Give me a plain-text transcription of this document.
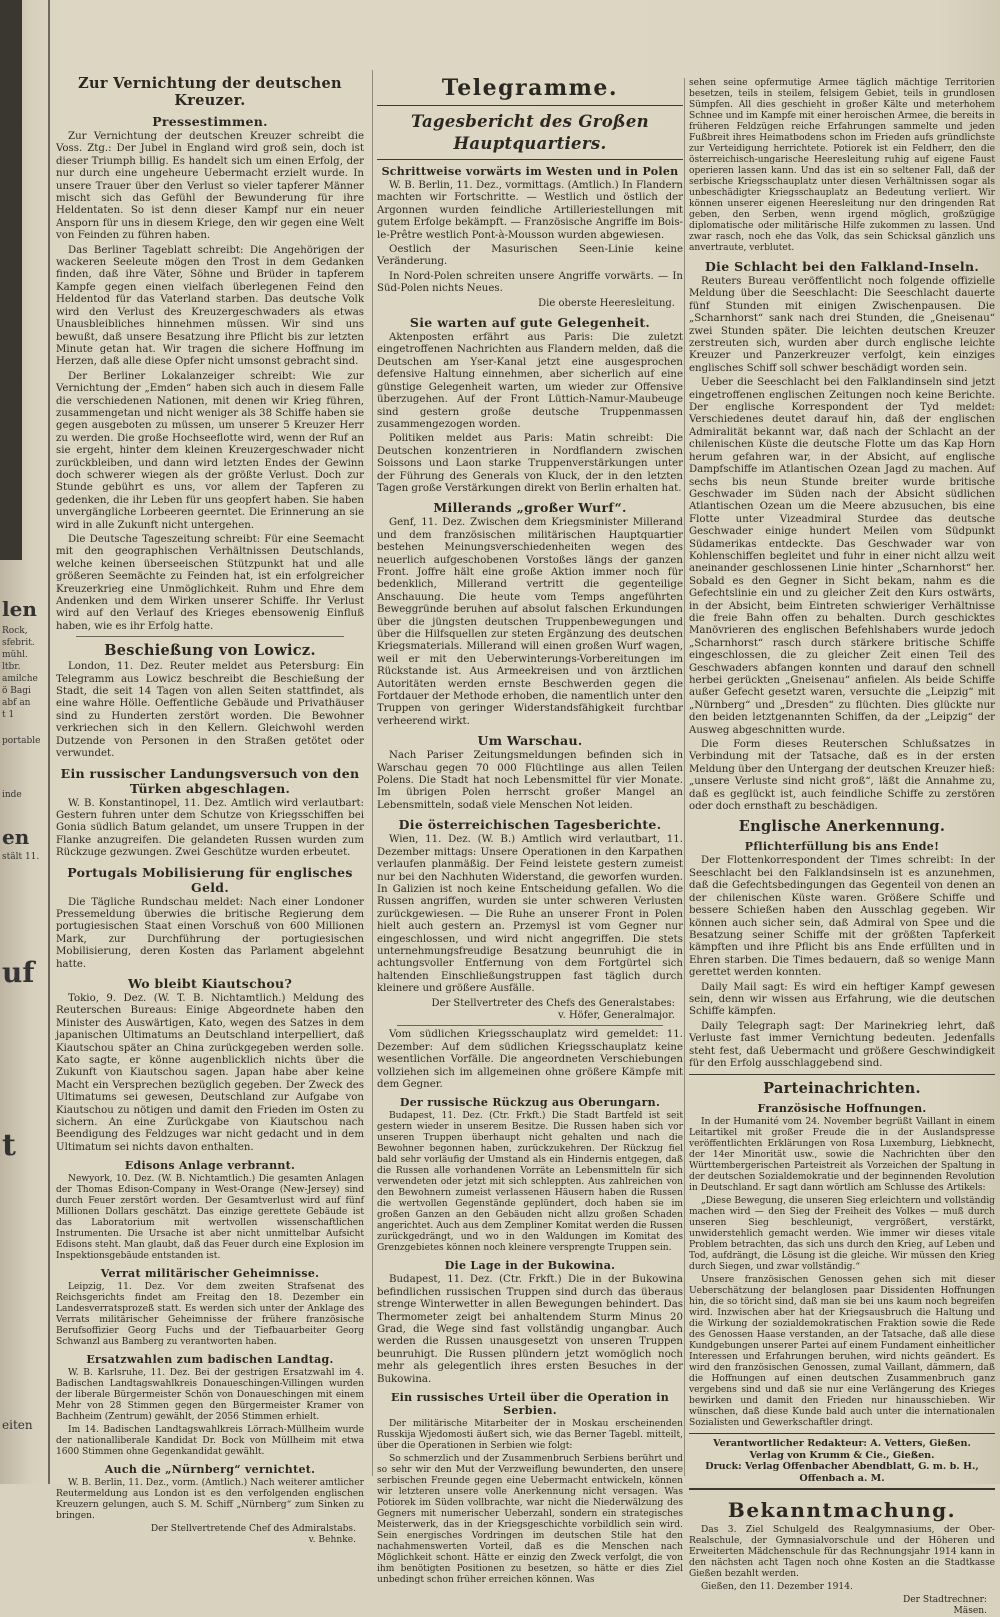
len
Rock,
sfebrit.
mühl.
ltbr.
amilche
ö Bagi
abf an
t 1
portable
inde
en
stält 11.
uf
t
eiten
Zur Vernichtung der deutschen Kreuzer.
Pressestimmen.

Zur Vernichtung der deutschen Kreuzer schreibt die Voss. Ztg.: Der Jubel in England wird groß sein, doch ist dieser Triumph billig. Es handelt sich um einen Erfolg, der nur durch eine ungeheure Uebermacht erzielt wurde. In unsere Trauer über den Verlust so vieler tapferer Männer mischt sich das Gefühl der Bewunderung für ihre Heldentaten. So ist denn dieser Kampf nur ein neuer Ansporn für uns in diesem Kriege, den wir gegen eine Welt von Feinden zu führen haben.

Das Berliner Tageblatt schreibt: Die Angehörigen der wackeren Seeleute mögen den Trost in dem Gedanken finden, daß ihre Väter, Söhne und Brüder in tapferem Kampfe gegen einen vielfach überlegenen Feind den Heldentod für das Vaterland starben. Das deutsche Volk wird den Verlust des Kreuzergeschwaders als etwas Unausbleibliches hinnehmen müssen. Wir sind uns bewußt, daß unsere Besatzung ihre Pflicht bis zur letzten Minute getan hat. Wir tragen die sichere Hoffnung im Herzen, daß alle diese Opfer nicht umsonst gebracht sind.

Der Berliner Lokalanzeiger schreibt: Wie zur Vernichtung der „Emden“ haben sich auch in diesem Falle die verschiedenen Nationen, mit denen wir Krieg führen, zusammengetan und nicht weniger als 38 Schiffe haben sie gegen ausgeboten zu müssen, um unserer 5 Kreuzer Herr zu werden. Die große Hochseeflotte wird, wenn der Ruf an sie ergeht, hinter dem kleinen Kreuzergeschwader nicht zurückbleiben, und dann wird letzten Endes der Gewinn doch schwerer wiegen als der größte Verlust. Doch zur Stunde gebührt es uns, vor allem der Tapferen zu gedenken, die ihr Leben für uns geopfert haben. Sie haben unvergängliche Lorbeeren geerntet. Die Erinnerung an sie wird in alle Zukunft nicht untergehen.

Die Deutsche Tageszeitung schreibt: Für eine Seemacht mit den geographischen Verhältnissen Deutschlands, welche keinen überseeischen Stützpunkt hat und alle größeren Seemächte zu Feinden hat, ist ein erfolgreicher Kreuzerkrieg eine Unmöglichkeit. Ruhm und Ehre dem Andenken und dem Wirken unserer Schiffe. Ihr Verlust wird auf den Verlauf des Krieges ebensowenig Einfluß haben, wie es ihr Erfolg hatte.

Beschießung von Lowicz.

London, 11. Dez. Reuter meldet aus Petersburg: Ein Telegramm aus Lowicz beschreibt die Beschießung der Stadt, die seit 14 Tagen von allen Seiten stattfindet, als eine wahre Hölle. Oeffentliche Gebäude und Privathäuser sind zu Hunderten zerstört worden. Die Bewohner verkriechen sich in den Kellern. Gleichwohl werden Dutzende von Personen in den Straßen getötet oder verwundet.

Ein russischer Landungsversuch von den Türken abgeschlagen.

W. B. Konstantinopel, 11. Dez. Amtlich wird verlautbart: Gestern fuhren unter dem Schutze von Kriegsschiffen bei Gonia südlich Batum gelandet, um unsere Truppen in der Flanke anzugreifen. Die gelandeten Russen wurden zum Rückzuge gezwungen. Zwei Geschütze wurden erbeutet.

Portugals Mobilisierung für englisches Geld.

Die Tägliche Rundschau meldet: Nach einer Londoner Pressemeldung überwies die britische Regierung dem portugiesischen Staat einen Vorschuß von 600 Millionen Mark, zur Durchführung der portugiesischen Mobilisierung, deren Kosten das Parlament abgelehnt hatte.

Wo bleibt Kiautschou?

Tokio, 9. Dez. (W. T. B. Nichtamtlich.) Meldung des Reuterschen Bureaus: Einige Abgeordnete haben den Minister des Auswärtigen, Kato, wegen des Satzes in dem japanischen Ultimatums an Deutschland interpelliert, daß Kiautschou später an China zurückgegeben werden solle. Kato sagte, er könne augenblicklich nichts über die Zukunft von Kiautschou sagen. Japan habe aber keine Macht ein Versprechen bezüglich gegeben. Der Zweck des Ultimatums sei gewesen, Deutschland zur Aufgabe von Kiautschou zu nötigen und damit den Frieden im Osten zu sichern. An eine Zurückgabe von Kiautschou nach Beendigung des Feldzuges war nicht gedacht und in dem Ultimatum sei nichts davon enthalten.

Edisons Anlage verbrannt.

Newyork, 10. Dez. (W. B. Nichtamtlich.) Die gesamten Anlagen der Thomas Edison-Company in West-Orange (New-Jersey) sind durch Feuer zerstört worden. Der Gesamtverlust wird auf fünf Millionen Dollars geschätzt. Das einzige gerettete Gebäude ist das Laboratorium mit wertvollen wissenschaftlichen Instrumenten. Die Ursache ist aber nicht unmittelbar Aufsicht Edisons steht. Man glaubt, daß das Feuer durch eine Explosion im Inspektionsgebäude entstanden ist.

Verrat militärischer Geheimnisse.

Leipzig, 11. Dez. Vor dem zweiten Strafsenat des Reichsgerichts findet am Freitag den 18. Dezember ein Landesverratsprozeß statt. Es werden sich unter der Anklage des Verrats militärischer Geheimnisse der frühere französische Berufsoffizier Georg Fuchs und der Tiefbauarbeiter Georg Schwanzl aus Bamberg zu verantworten haben.

Ersatzwahlen zum badischen Landtag.

W. B. Karlsruhe, 11. Dez. Bei der gestrigen Ersatzwahl im 4. Badischen Landtagswahlkreis Donaueschingen-Villingen wurden der liberale Bürgermeister Schön von Donaueschingen mit einem Mehr von 28 Stimmen gegen den Bürgermeister Kramer von Bachheim (Zentrum) gewählt, der 2056 Stimmen erhielt.

Im 14. Badischen Landtagswahlkreis Lörrach-Müllheim wurde der nationalliberale Kandidat Dr. Bock von Müllheim mit etwa 1600 Stimmen ohne Gegenkandidat gewählt.

Auch die „Nürnberg“ vernichtet.

W. B. Berlin, 11. Dez., vorm. (Amtlich.) Nach weiterer amtlicher Reutermeldung aus London ist es den verfolgenden englischen Kreuzern gelungen, auch S. M. Schiff „Nürnberg“ zum Sinken zu bringen.

Der Stellvertretende Chef des Admiralstabs.
v. Behnke.
Telegramme.
Tagesbericht des Großen Hauptquartiers.
Schrittweise vorwärts im Westen und in Polen

W. B. Berlin, 11. Dez., vormittags. (Amtlich.) In Flandern machten wir Fortschritte. — Westlich und östlich der Argonnen wurden feindliche Artilleriestellungen mit gutem Erfolge bekämpft. — Französische Angriffe im Bois-le-Prêtre westlich Pont-à-Mousson wurden abgewiesen.

Oestlich der Masurischen Seen-Linie keine Veränderung.

In Nord-Polen schreiten unsere Angriffe vorwärts. — In Süd-Polen nichts Neues.

Die oberste Heeresleitung.
Sie warten auf gute Gelegenheit.

Aktenposten erfährt aus Paris: Die zuletzt eingetroffenen Nachrichten aus Flandern melden, daß die Deutschen am Yser-Kanal jetzt eine ausgesprochen defensive Haltung einnehmen, aber sicherlich auf eine günstige Gelegenheit warten, um wieder zur Offensive überzugehen. Auf der Front Lüttich-Namur-Maubeuge sind gestern große deutsche Truppenmassen zusammengezogen worden.

Politiken meldet aus Paris: Matin schreibt: Die Deutschen konzentrieren in Nordflandern zwischen Soissons und Laon starke Truppenverstärkungen unter der Führung des Generals von Kluck, der in den letzten Tagen große Verstärkungen direkt von Berlin erhalten hat.

Millerands „großer Wurf“.

Genf, 11. Dez. Zwischen dem Kriegsminister Millerand und dem französischen militärischen Hauptquartier bestehen Meinungsverschiedenheiten wegen des neuerlich aufgeschobenen Vorstoßes längs der ganzen Front. Joffre hält eine große Aktion immer noch für bedenklich, Millerand vertritt die gegenteilige Anschauung. Die heute vom Temps angeführten Beweggründe beruhen auf absolut falschen Erkundungen über die jüngsten deutschen Truppenbewegungen und über die Hilfsquellen zur steten Ergänzung des deutschen Kriegsmaterials. Millerand will einen großen Wurf wagen, weil er mit den Ueberwinterungs-Vorbereitungen im Rückstande ist. Aus Armeekreisen und von ärztlichen Autoritäten werden ernste Beschwerden gegen die Fortdauer der Methode erhoben, die namentlich unter den Truppen von geringer Widerstandsfähigkeit furchtbar verheerend wirkt.

Um Warschau.

Nach Pariser Zeitungsmeldungen befinden sich in Warschau gegen 70 000 Flüchtlinge aus allen Teilen Polens. Die Stadt hat noch Lebensmittel für vier Monate. Im übrigen Polen herrscht großer Mangel an Lebensmitteln, sodaß viele Menschen Not leiden.

Die österreichischen Tagesberichte.

Wien, 11. Dez. (W. B.) Amtlich wird verlautbart, 11. Dezember mittags: Unsere Operationen in den Karpathen verlaufen planmäßig. Der Feind leistete gestern zumeist nur bei den Nachhuten Widerstand, die geworfen wurden. In Galizien ist noch keine Entscheidung gefallen. Wo die Russen angriffen, wurden sie unter schweren Verlusten zurückgewiesen. — Die Ruhe an unserer Front in Polen hielt auch gestern an. Przemysl ist vom Gegner nur eingeschlossen, und wird nicht angegriffen. Die stets unternehmungsfreudige Besatzung beunruhigt die in achtungsvoller Entfernung von dem Fortgürtel sich haltenden Einschließungstruppen fast täglich durch kleinere und größere Ausfälle.

Der Stellvertreter des Chefs des Generalstabes:
v. Höfer, Generalmajor.

Vom südlichen Kriegsschauplatz wird gemeldet: 11. Dezember: Auf dem südlichen Kriegsschauplatz keine wesentlichen Vorfälle. Die angeordneten Verschiebungen vollziehen sich im allgemeinen ohne größere Kämpfe mit dem Gegner.

Der russische Rückzug aus Oberungarn.

Budapest, 11. Dez. (Ctr. Frkft.) Die Stadt Bartfeld ist seit gestern wieder in unserem Besitze. Die Russen haben sich vor unseren Truppen überhaupt nicht gehalten und nach die Bewohner begonnen haben, zurückzukehren. Der Rückzug fiel bald sehr vorläufig der Umstand als ein Hindernis entgegen, daß die Russen alle vorhandenen Vorräte an Lebensmitteln für sich verwendeten oder jetzt mit sich schleppten. Aus zahlreichen von den Bewohnern zumeist verlassenen Häusern haben die Russen die wertvollen Gegenstände geplündert, doch haben sie im großen Ganzen an den Gebäuden nicht allzu großen Schaden angerichtet. Auch aus dem Zempliner Komitat werden die Russen zurückgedrängt, und wo in den Waldungen im Komitat des Grenzgebietes können noch kleinere versprengte Truppen sein.

Die Lage in der Bukowina.

Budapest, 11. Dez. (Ctr. Frkft.) Die in der Bukowina befindlichen russischen Truppen sind durch das überaus strenge Winterwetter in allen Bewegungen behindert. Das Thermometer zeigt bei anhaltendem Sturm Minus 20 Grad, die Wege sind fast vollständig ungangbar. Auch werden die Russen unausgesetzt von unseren Truppen beunruhigt. Die Russen plündern jetzt womöglich noch mehr als gelegentlich ihres ersten Besuches in der Bukowina.

Ein russisches Urteil über die Operation in Serbien.

Der militärische Mitarbeiter der in Moskau erscheinenden Russkija Wjedomosti äußert sich, wie das Berner Tagebl. mitteilt, über die Operationen in Serbien wie folgt:

So schmerzlich und der Zusammenbruch Serbiens berührt und so sehr wir den Mut der Verzweiflung bewunderten, den unsere serbischen Freunde gegen eine Uebermacht entwickeln, können wir letzteren unsere volle Anerkennung nicht versagen. Was Potiorek im Süden vollbrachte, war nicht die Niederwälzung des Gegners mit numerischer Ueberzahl, sondern ein strategisches Meisterwerk, das in der Kriegsgeschichte vorbildlich sein wird. Sein energisches Vordringen im deutschen Stile hat den nachahmenswerten Vorteil, daß es die Menschen nach Möglichkeit schont. Hätte er einzig den Zweck verfolgt, die von ihm benötigten Positionen zu besetzen, so hätte er dies Ziel unbedingt schon früher erreichen können. Was

sehen seine opfermutige Armee täglich mächtige Territorien besetzen, teils in steilem, felsigem Gebiet, teils in grundlosen Sümpfen. All dies geschieht in großer Kälte und meterhohem Schnee und im Kampfe mit einer heroischen Armee, die bereits in früheren Feldzügen reiche Erfahrungen sammelte und jeden Fußbreit ihres Heimatbodens schon im Frieden aufs gründlichste zur Verteidigung herrichtete. Potiorek ist ein Feldherr, den die österreichisch-ungarische Heeresleitung ruhig auf eigene Faust operieren lassen kann. Und das ist ein so seltener Fall, daß der serbische Kriegsschauplatz unter diesen Verhältnissen sogar als unbeschädigter Kriegsschauplatz an Bedeutung verliert. Wir können unserer eigenen Heeresleitung nur den dringenden Rat geben, den Serben, wenn irgend möglich, großzügige diplomatische oder militärische Hilfe zukommen zu lassen. Und zwar rasch, noch ehe das Volk, das sein Schicksal gänzlich uns anvertraute, verblutet.

Die Schlacht bei den Falkland-Inseln.

Reuters Bureau veröffentlicht noch folgende offizielle Meldung über die Seeschlacht: Die Seeschlacht dauerte fünf Stunden mit einigen Zwischenpausen. Die „Scharnhorst“ sank nach drei Stunden, die „Gneisenau“ zwei Stunden später. Die leichten deutschen Kreuzer zerstreuten sich, wurden aber durch englische leichte Kreuzer und Panzerkreuzer verfolgt, kein einziges englisches Schiff soll schwer beschädigt worden sein.

Ueber die Seeschlacht bei den Falklandinseln sind jetzt eingetroffenen englischen Zeitungen noch keine Berichte. Der englische Korrespondent der Tyd meldet: Verschiedenes deutet darauf hin, daß der englischen Admiralität bekannt war, daß nach der Schlacht an der chilenischen Küste die deutsche Flotte um das Kap Horn herum gefahren war, in der Absicht, auf englische Dampfschiffe im Atlantischen Ozean Jagd zu machen. Auf sechs bis neun Stunde breiter wurde britische Geschwader im Süden nach der Absicht südlichen Atlantischen Ozean um die Meere abzusuchen, bis eine Flotte unter Vizeadmiral Sturdee das deutsche Geschwader einige hundert Meilen vom Südpunkt Südamerikas entdeckte. Das Geschwader war von Kohlenschiffen begleitet und fuhr in einer nicht allzu weit aneinander geschlossenen Linie hinter „Scharnhorst“ her. Sobald es den Gegner in Sicht bekam, nahm es die Gefechtslinie ein und zu gleicher Zeit den Kurs ostwärts, in der Absicht, beim Eintreten schwieriger Verhältnisse die freie Bahn offen zu behalten. Durch geschicktes Manövrieren des englischen Befehlshabers wurde jedoch „Scharnhorst“ rasch durch stärkere britische Schiffe eingeschlossen, die zu gleicher Zeit einen Teil des Geschwaders abfangen konnten und darauf den schnell herbei gerückten „Gneisenau“ anfielen. Als beide Schiffe außer Gefecht gesetzt waren, versuchte die „Leipzig“ mit „Nürnberg“ und „Dresden“ zu flüchten. Dies glückte nur den beiden letztgenannten Schiffen, da der „Leipzig“ der Ausweg abgeschnitten wurde.

Die Form dieses Reuterschen Schlußsatzes in Verbindung mit der Tatsache, daß es in der ersten Meldung über den Untergang der deutschen Kreuzer hieß: „unsere Verluste sind nicht groß“, läßt die Annahme zu, daß es geglückt ist, auch feindliche Schiffe zu zerstören oder doch ernsthaft zu beschädigen.

Englische Anerkennung.
Pflichterfüllung bis ans Ende!

Der Flottenkorrespondent der Times schreibt: In der Seeschlacht bei den Falklandsinseln ist es anzunehmen, daß die Gefechtsbedingungen das Gegenteil von denen an der chilenischen Küste waren. Größere Schiffe und bessere Schießen haben den Ausschlag gegeben. Wir können auch sicher sein, daß Admiral von Spee und die Besatzung seiner Schiffe mit der größten Tapferkeit kämpften und ihre Pflicht bis ans Ende erfüllten und in Ehren starben. Die Times bedauern, daß so wenige Mann gerettet werden konnten.

Daily Mail sagt: Es wird ein heftiger Kampf gewesen sein, denn wir wissen aus Erfahrung, wie die deutschen Schiffe kämpfen.

Daily Telegraph sagt: Der Marinekrieg lehrt, daß Verluste fast immer Vernichtung bedeuten. Jedenfalls steht fest, daß Uebermacht und größere Geschwindigkeit für den Erfolg ausschlaggebend sind.

Parteinachrichten.
Französische Hoffnungen.

In der Humanité vom 24. November begrüßt Vaillant in einem Leitartikel mit großer Freude die in der Auslandspresse veröffentlichten Erklärungen von Rosa Luxemburg, Liebknecht, der 14er Minorität usw., sowie die Nachrichten über den Württembergerischen Parteistreit als Vorzeichen der Spaltung in der deutschen Sozialdemokratie und der beginnenden Revolution in Deutschland. Er sagt dann wörtlich am Schlusse des Artikels:

„Diese Bewegung, die unseren Sieg erleichtern und vollständig machen wird — den Sieg der Freiheit des Volkes — muß durch unseren Sieg beschleunigt, vergrößert, verstärkt, unwiderstehlich gemacht werden. Wie immer wir dieses vitale Problem betrachten, das sich uns durch den Krieg, auf Leben und Tod, aufdrängt, die Lösung ist die gleiche. Wir müssen den Krieg durch Siegen, und zwar vollständig.“

Unsere französischen Genossen gehen sich mit dieser Ueberschätzung der belanglosen paar Dissidenten Hoffnungen hin, die so töricht sind, daß man sie bei uns kaum noch begreifen wird. Inzwischen aber hat der Kriegsausbruch die Haltung und die Wirkung der sozialdemokratischen Fraktion sowie die Rede des Genossen Haase verstanden, an der Tatsache, daß alle diese Kundgebungen unserer Partei auf einem Fundament einheitlicher Interessen und Erfahrungen beruhen, wird nichts geändert. Es wird den französischen Genossen, zumal Vaillant, dämmern, daß die Hoffnungen auf einen deutschen Zusammenbruch ganz vergebens sind und daß sie nur eine Verlängerung des Krieges bewirken und damit den Frieden nur hinausschieben. Wir wünschen, daß diese Kunde bald auch unter die internationalen Sozialisten und Gewerkschaftler dringt.

Verantwortlicher Redakteur: A. Vetters, Gießen.
Verlag von Krumm & Cie., Gießen.
Druck: Verlag Offenbacher Abendblatt, G. m. b. H., Offenbach a. M.
Bekanntmachung.

Das 3. Ziel Schulgeld des Realgymnasiums, der Ober-Realschule, der Gymnasialvorschule und der Höheren und Erweiterten Mädchenschule für das Rechnungsjahr 1914 kann in den nächsten acht Tagen noch ohne Kosten an die Stadtkasse Gießen bezahlt werden.

Gießen, den 11. Dezember 1914.

Der Stadtrechner:
Mäsen.
